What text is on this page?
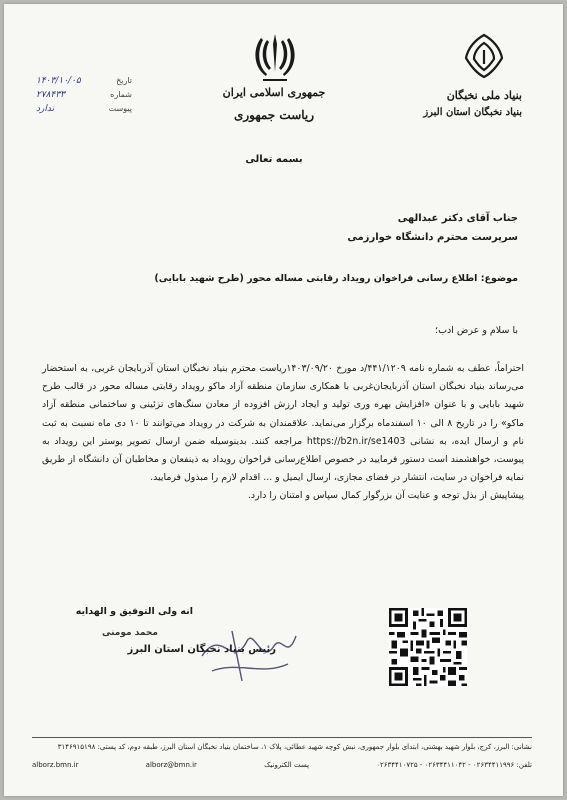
تاریخ
۱۴۰۳/۱۰/۰۵
شماره
۲۷۸۴۳۳
پیوست
ندارد
جمهوری اسلامی ایران
ریاست جمهوری
بسمه تعالی
بنیاد ملی نخبگان
بنیاد نخبگان استان البرز
جناب آقای دکتر عبدالهی
سرپرست محترم دانشگاه خوارزمی
موضوع: اطلاع رسانی فراخوان رویداد رقابتی مساله محور (طرح شهید بابایی)
با سلام و عرض ادب؛

احتراماً، عطف به شماره نامه ۴۴۱/۱۲۰۹/د مورخ ۱۴۰۳/۰۹/۲۰ریاست محترم بنیاد نخبگان استان آذربایجان غربی، به استحضار می‌رساند بنیاد نخبگان استان آذربایجان‌غربی با همکاری سازمان منطقه آزاد ماکو رویداد رقابتی مساله محور در قالب طرح شهید بابایی و با عنوان «افزایش بهره وری تولید و ایجاد ارزش افزوده از معادن سنگ‌های تزئینی و ساختمانی منطقه آزاد ماکو» را در تاریخ ۸ الی ۱۰ اسفندماه برگزار می‌نماید. علاقمندان به شرکت در رویداد می‌توانند تا ۱۰ دی ماه نسبت به ثبت نام و ارسال ایده، به نشانی https://b2n.ir/se1403 مراجعه کنند. بدینوسیله ضمن ارسال تصویر پوستر این رویداد به پیوست، خواهشمند است دستور فرمایید در خصوص اطلاع‌رسانی فراخوان رویداد به ذینفعان و مخاطبان آن دانشگاه از طریق نمایه فراخوان در سایت، انتشار در فضای مجازی، ارسال ایمیل و ... اقدام لازم را مبذول فرمایید.

پیشاپیش از بذل توجه و عنایت آن بزرگوار کمال سپاس و امتنان را دارد.

انه ولی التوفیق و الهدایه
محمد مومنی
رئیس بنیاد نخبگان استان البرز
نشانی: البرز، کرج، بلوار شهید بهشتی، ابتدای بلوار جمهوری، نبش کوچه شهید عطائی، پلاک ۱، ساختمان بنیاد نخبگان استان البرز، طبقه دوم، کد پستی: ۳۱۴۶۹۱۵۱۹۸
alborz.bmn.ir	alborz@bmn.ir	پست الکترونیک	تلفن: ۰۲۶۳۴۴۱۱۹۹۶ - ۰۲۶۳۴۴۱۱۰۴۲ - ۰۲۶۳۴۴۱۰۷۲۵
